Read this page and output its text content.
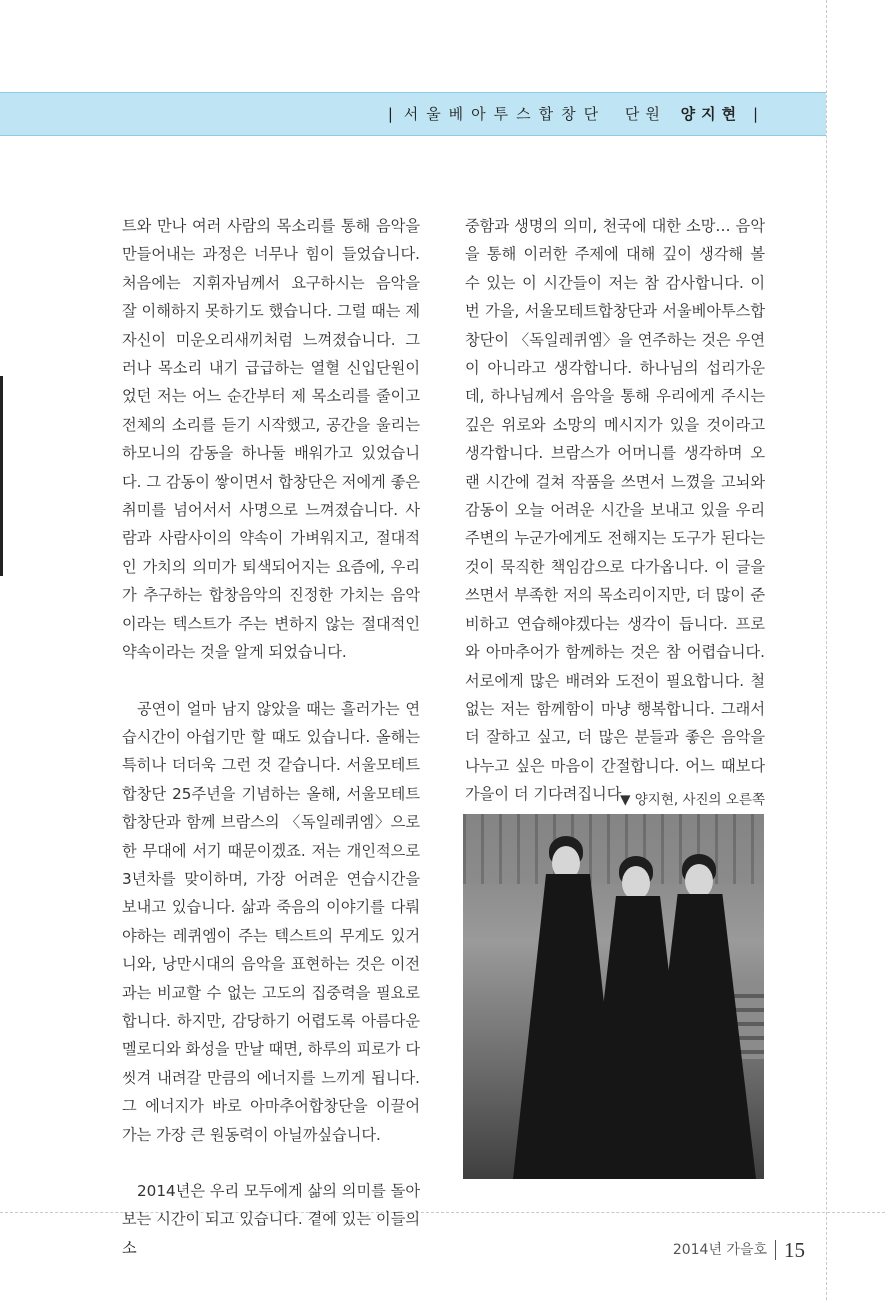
| 서울베아투스합창단 단원 양지현 |

트와 만나 여러 사람의 목소리를 통해 음악을 만들어내는 과정은 너무나 힘이 들었습니다. 처음에는 지휘자님께서 요구하시는 음악을 잘 이해하지 못하기도 했습니다. 그럴 때는 제 자신이 미운오리새끼처럼 느껴졌습니다. 그러나 목소리 내기 급급하는 열혈 신입단원이었던 저는 어느 순간부터 제 목소리를 줄이고 전체의 소리를 듣기 시작했고, 공간을 울리는 하모니의 감동을 하나둘 배워가고 있었습니다. 그 감동이 쌓이면서 합창단은 저에게 좋은 취미를 넘어서서 사명으로 느껴졌습니다. 사람과 사람사이의 약속이 가벼워지고, 절대적인 가치의 의미가 퇴색되어지는 요즘에, 우리가 추구하는 합창음악의 진정한 가치는 음악이라는 텍스트가 주는 변하지 않는 절대적인 약속이라는 것을 알게 되었습니다.

공연이 얼마 남지 않았을 때는 흘러가는 연습시간이 아쉽기만 할 때도 있습니다. 올해는 특히나 더더욱 그런 것 같습니다. 서울모테트합창단 25주년을 기념하는 올해, 서울모테트합창단과 함께 브람스의 〈독일레퀴엠〉으로 한 무대에 서기 때문이겠죠. 저는 개인적으로 3년차를 맞이하며, 가장 어려운 연습시간을 보내고 있습니다. 삶과 죽음의 이야기를 다뤄야하는 레퀴엠이 주는 텍스트의 무게도 있거니와, 낭만시대의 음악을 표현하는 것은 이전과는 비교할 수 없는 고도의 집중력을 필요로 합니다. 하지만, 감당하기 어렵도록 아름다운 멜로디와 화성을 만날 때면, 하루의 피로가 다 씻겨 내려갈 만큼의 에너지를 느끼게 됩니다. 그 에너지가 바로 아마추어합창단을 이끌어가는 가장 큰 원동력이 아닐까싶습니다.

2014년은 우리 모두에게 삶의 의미를 돌아보는 시간이 되고 있습니다. 곁에 있는 이들의 소

중함과 생명의 의미, 천국에 대한 소망… 음악을 통해 이러한 주제에 대해 깊이 생각해 볼 수 있는 이 시간들이 저는 참 감사합니다. 이번 가을, 서울모테트합창단과 서울베아투스합창단이 〈독일레퀴엠〉을 연주하는 것은 우연이 아니라고 생각합니다. 하나님의 섭리가운데, 하나님께서 음악을 통해 우리에게 주시는 깊은 위로와 소망의 메시지가 있을 것이라고 생각합니다. 브람스가 어머니를 생각하며 오랜 시간에 걸쳐 작품을 쓰면서 느꼈을 고뇌와 감동이 오늘 어려운 시간을 보내고 있을 우리 주변의 누군가에게도 전해지는 도구가 된다는 것이 묵직한 책임감으로 다가옵니다. 이 글을 쓰면서 부족한 저의 목소리이지만, 더 많이 준비하고 연습해야겠다는 생각이 듭니다. 프로와 아마추어가 함께하는 것은 참 어렵습니다. 서로에게 많은 배려와 도전이 필요합니다. 철없는 저는 함께함이 마냥 행복합니다. 그래서 더 잘하고 싶고, 더 많은 분들과 좋은 음악을 나누고 싶은 마음이 간절합니다. 어느 때보다 가을이 더 기다려집니다.

▼ 양지현, 사진의 오른쪽
2014년 가을호 15
